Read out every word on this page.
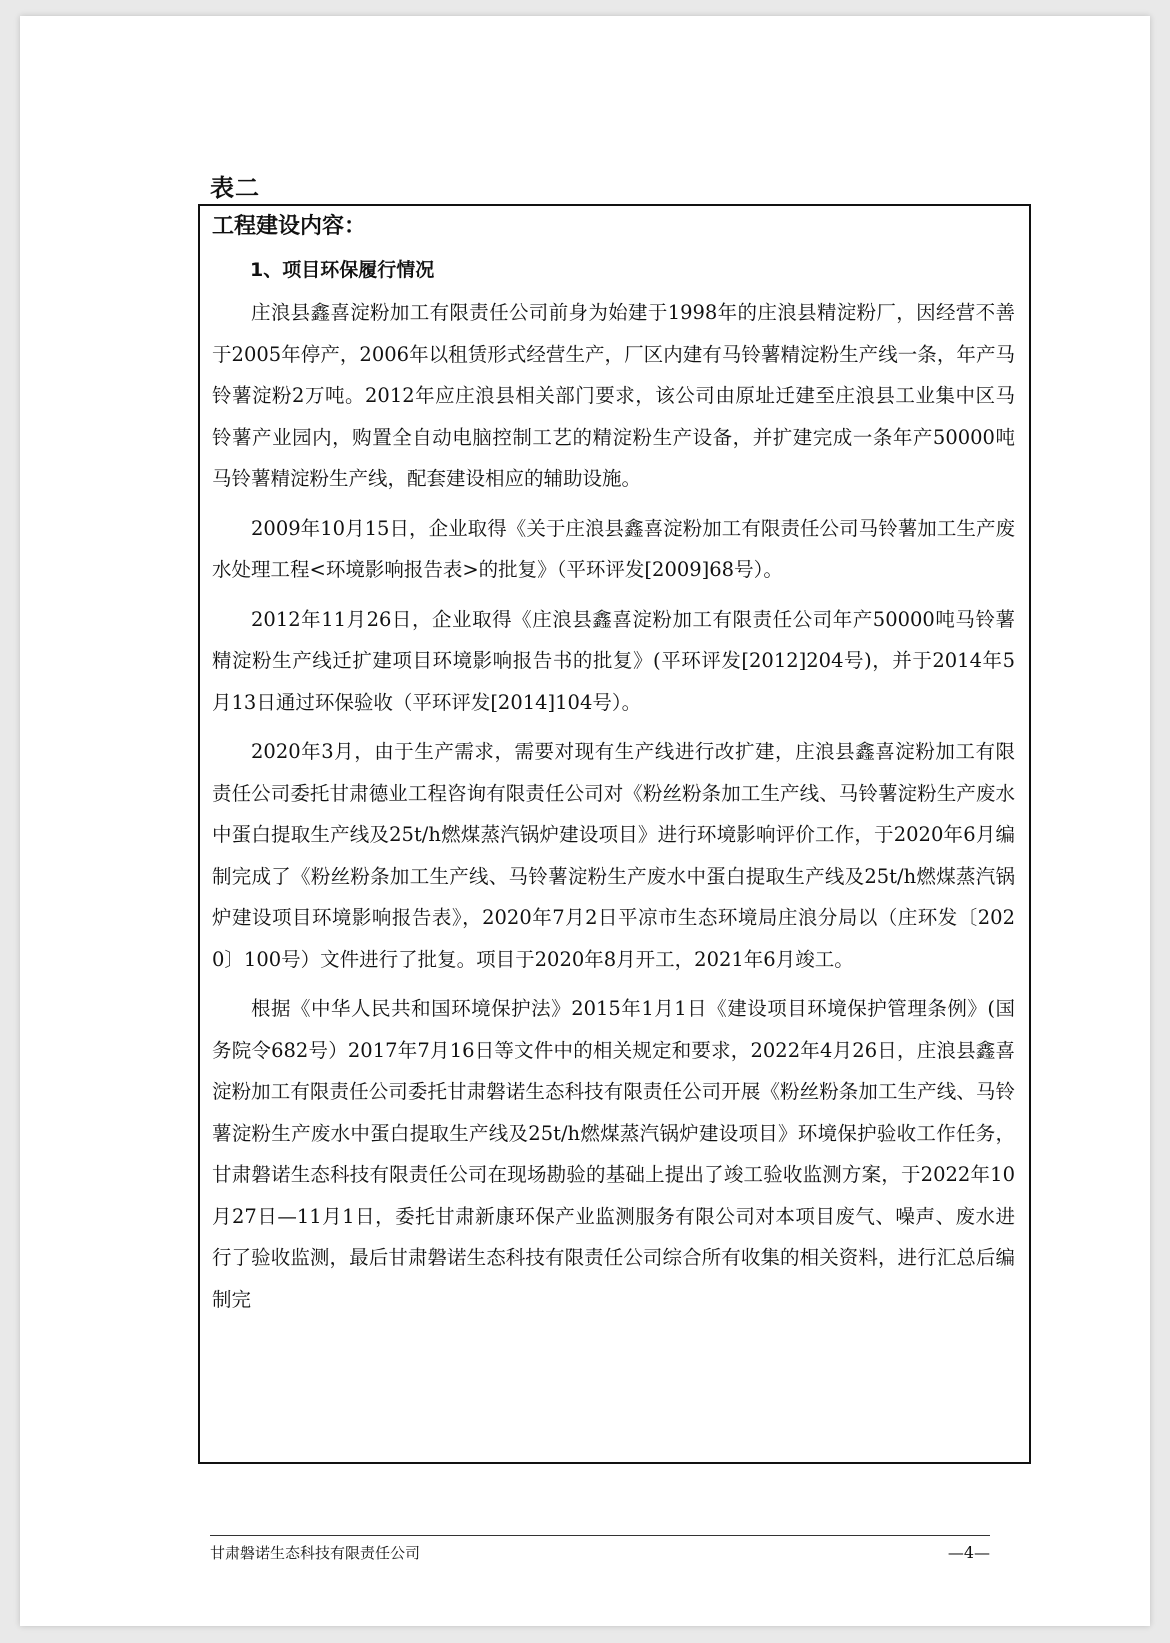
表二
工程建设内容：
1、项目环保履行情况

庄浪县鑫喜淀粉加工有限责任公司前身为始建于1998年的庄浪县精淀粉厂，因经营不善于2005年停产，2006年以租赁形式经营生产，厂区内建有马铃薯精淀粉生产线一条，年产马铃薯淀粉2万吨。2012年应庄浪县相关部门要求，该公司由原址迁建至庄浪县工业集中区马铃薯产业园内，购置全自动电脑控制工艺的精淀粉生产设备，并扩建完成一条年产50000吨马铃薯精淀粉生产线，配套建设相应的辅助设施。

2009年10月15日，企业取得《关于庄浪县鑫喜淀粉加工有限责任公司马铃薯加工生产废水处理工程<环境影响报告表>的批复》（平环评发[2009]68号）。

2012年11月26日，企业取得《庄浪县鑫喜淀粉加工有限责任公司年产50000吨马铃薯精淀粉生产线迁扩建项目环境影响报告书的批复》(平环评发[2012]204号)，并于2014年5月13日通过环保验收（平环评发[2014]104号）。

2020年3月，由于生产需求，需要对现有生产线进行改扩建，庄浪县鑫喜淀粉加工有限责任公司委托甘肃德业工程咨询有限责任公司对《粉丝粉条加工生产线、马铃薯淀粉生产废水中蛋白提取生产线及25t/h燃煤蒸汽锅炉建设项目》进行环境影响评价工作，于2020年6月编制完成了《粉丝粉条加工生产线、马铃薯淀粉生产废水中蛋白提取生产线及25t/h燃煤蒸汽锅炉建设项目环境影响报告表》，2020年7月2日平凉市生态环境局庄浪分局以（庄环发〔2020〕100号）文件进行了批复。项目于2020年8月开工，2021年6月竣工。

根据《中华人民共和国环境保护法》2015年1月1日《建设项目环境保护管理条例》(国务院令682号）2017年7月16日等文件中的相关规定和要求，2022年4月26日，庄浪县鑫喜淀粉加工有限责任公司委托甘肃磐诺生态科技有限责任公司开展《粉丝粉条加工生产线、马铃薯淀粉生产废水中蛋白提取生产线及25t/h燃煤蒸汽锅炉建设项目》环境保护验收工作任务，甘肃磐诺生态科技有限责任公司在现场勘验的基础上提出了竣工验收监测方案，于2022年10月27日—11月1日，委托甘肃新康环保产业监测服务有限公司对本项目废气、噪声、废水进行了验收监测，最后甘肃磐诺生态科技有限责任公司综合所有收集的相关资料，进行汇总后编制完

甘肃磐诺生态科技有限责任公司	—4—
